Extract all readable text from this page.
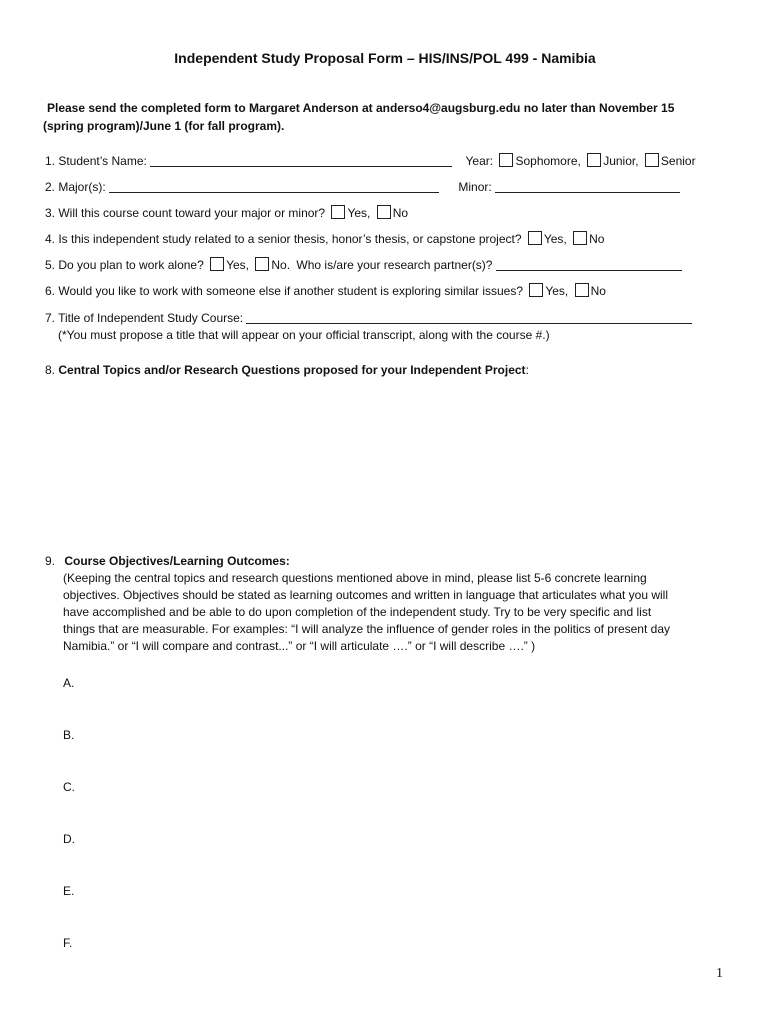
Independent Study Proposal Form – HIS/INS/POL 499 - Namibia
Please send the completed form to Margaret Anderson at anderso4@augsburg.edu no later than November 15
(spring program)/June 1 (for fall program).
1. Student’s Name:	Year: Sophomore, Junior, Senior
2. Major(s):	Minor:
3. Will this course count toward your major or minor? Yes, No
4. Is this independent study related to a senior thesis, honor’s thesis, or capstone project? Yes, No
5. Do you plan to work alone? Yes, No. Who is/are your research partner(s)?
6. Would you like to work with someone else if another student is exploring similar issues? Yes, No
7. Title of Independent Study Course:
(*You must propose a title that will appear on your official transcript, along with the course #.)
8. Central Topics and/or Research Questions proposed for your Independent Project:
9. Course Objectives/Learning Outcomes:
(Keeping the central topics and research questions mentioned above in mind, please list 5-6 concrete learning
objectives. Objectives should be stated as learning outcomes and written in language that articulates what you will
have accomplished and be able to do upon completion of the independent study. Try to be very specific and list
things that are measurable. For examples: “I will analyze the influence of gender roles in the politics of present day
Namibia.” or “I will compare and contrast...” or “I will articulate ….” or “I will describe ….” )
A.
B.
C.
D.
E.
F.
1
